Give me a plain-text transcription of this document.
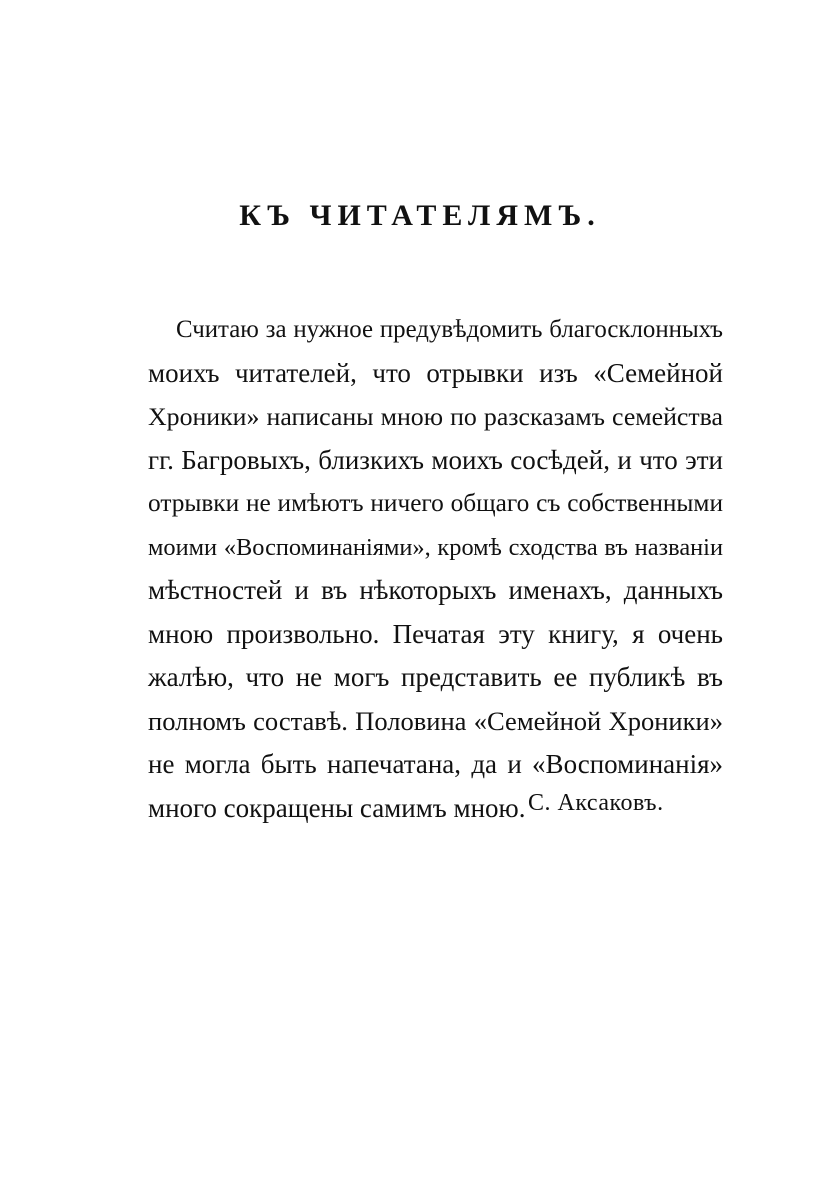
КЪ ЧИТАТЕЛЯМЪ.
Считаю за нужное предувѣдомить благосклонныхъ
моихъ читателей, что отрывки изъ «Семейной
Хроники» написаны мною по разсказамъ семейства
гг. Багровыхъ, близкихъ моихъ сосѣдей, и что эти
отрывки не имѣютъ ничего общаго съ собственными
моими «Воспоминаніями», кромѣ сходства въ названіи
мѣстностей и въ нѣкоторыхъ именахъ, данныхъ
мною произвольно. Печатая эту книгу, я очень
жалѣю, что не могъ представить ее публикѣ въ
полномъ составѣ. Половина «Семейной Хроники»
не могла быть напечатана, да и «Воспоминанія»
много сокращены самимъ мною. С. Аксаковъ.
